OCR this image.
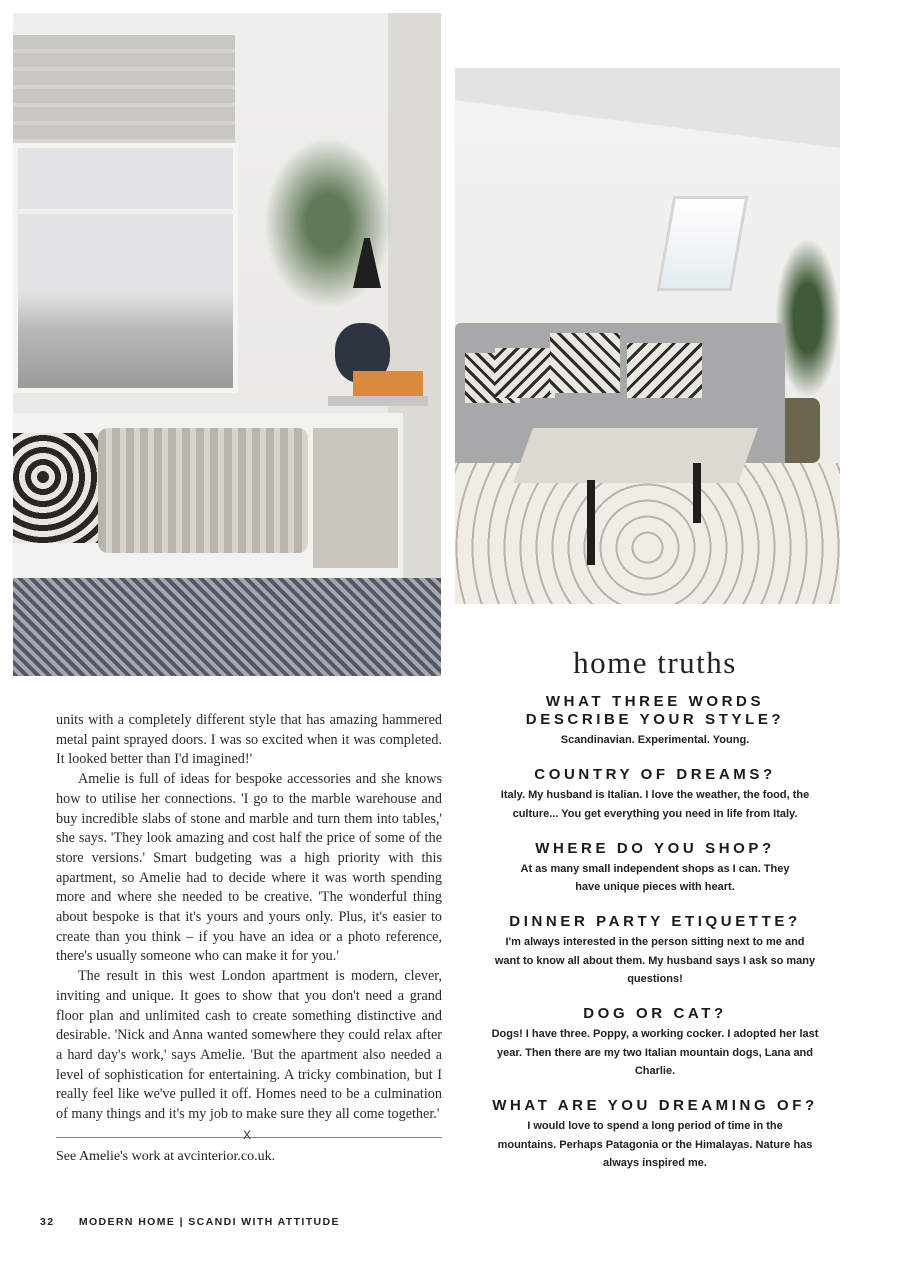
units with a completely different style that has amazing hammered metal paint sprayed doors. I was so excited when it was completed. It looked better than I'd imagined!'

Amelie is full of ideas for bespoke accessories and she knows how to utilise her connections. 'I go to the marble warehouse and buy incredible slabs of stone and marble and turn them into tables,' she says. 'They look amazing and cost half the price of some of the store versions.' Smart budgeting was a high priority with this apartment, so Amelie had to decide where it was worth spending more and where she needed to be creative. 'The wonderful thing about bespoke is that it's yours and yours only. Plus, it's easier to create than you think – if you have an idea or a photo reference, there's usually someone who can make it for you.'

The result in this west London apartment is modern, clever, inviting and unique. It goes to show that you don't need a grand floor plan and unlimited cash to create something distinctive and desirable. 'Nick and Anna wanted somewhere they could relax after a hard day's work,' says Amelie. 'But the apartment also needed a level of sophistication for entertaining. A tricky combination, but I really feel like we've pulled it off. Homes need to be a culmination of many things and it's my job to make sure they all come together.'

X
See Amelie's work at avcinterior.co.uk.
32 MODERN HOME | SCANDI WITH ATTITUDE
home truths
WHAT THREE WORDS DESCRIBE YOUR STYLE?
Scandinavian. Experimental. Young.
COUNTRY OF DREAMS?
Italy. My husband is Italian. I love the weather, the food, the culture... You get everything you need in life from Italy.
WHERE DO YOU SHOP?
At as many small independent shops as I can. They have unique pieces with heart.
DINNER PARTY ETIQUETTE?
I'm always interested in the person sitting next to me and want to know all about them. My husband says I ask so many questions!
DOG OR CAT?
Dogs! I have three. Poppy, a working cocker. I adopted her last year. Then there are my two Italian mountain dogs, Lana and Charlie.
WHAT ARE YOU DREAMING OF?
I would love to spend a long period of time in the mountains. Perhaps Patagonia or the Himalayas. Nature has always inspired me.
